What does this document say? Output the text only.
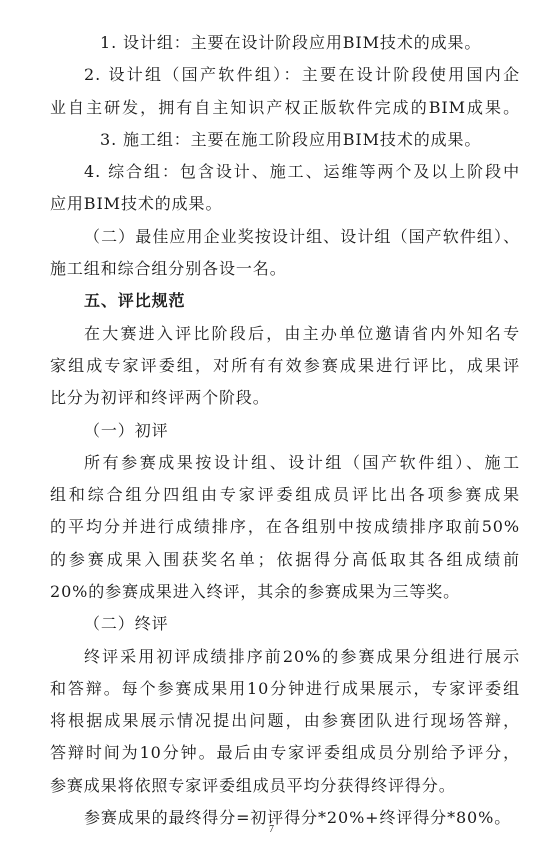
1. 设计组：主要在设计阶段应用BIM技术的成果。
2. 设计组（国产软件组）：主要在设计阶段使用国内企
业自主研发，拥有自主知识产权正版软件完成的BIM成果。
3. 施工组：主要在施工阶段应用BIM技术的成果。
4. 综合组：包含设计、施工、运维等两个及以上阶段中
应用BIM技术的成果。
（二）最佳应用企业奖按设计组、设计组（国产软件组）、
施工组和综合组分别各设一名。
五、评比规范
在大赛进入评比阶段后，由主办单位邀请省内外知名专
家组成专家评委组，对所有有效参赛成果进行评比，成果评
比分为初评和终评两个阶段。
（一）初评
所有参赛成果按设计组、设计组（国产软件组）、施工
组和综合组分四组由专家评委组成员评比出各项参赛成果
的平均分并进行成绩排序，在各组别中按成绩排序取前50%
的参赛成果入围获奖名单；依据得分高低取其各组成绩前
20%的参赛成果进入终评，其余的参赛成果为三等奖。
（二）终评
终评采用初评成绩排序前20%的参赛成果分组进行展示
和答辩。每个参赛成果用10分钟进行成果展示，专家评委组
将根据成果展示情况提出问题，由参赛团队进行现场答辩，
答辩时间为10分钟。最后由专家评委组成员分别给予评分，
参赛成果将依照专家评委组成员平均分获得终评得分。
参赛成果的最终得分=初评得分*20%+终评得分*80%。
7
